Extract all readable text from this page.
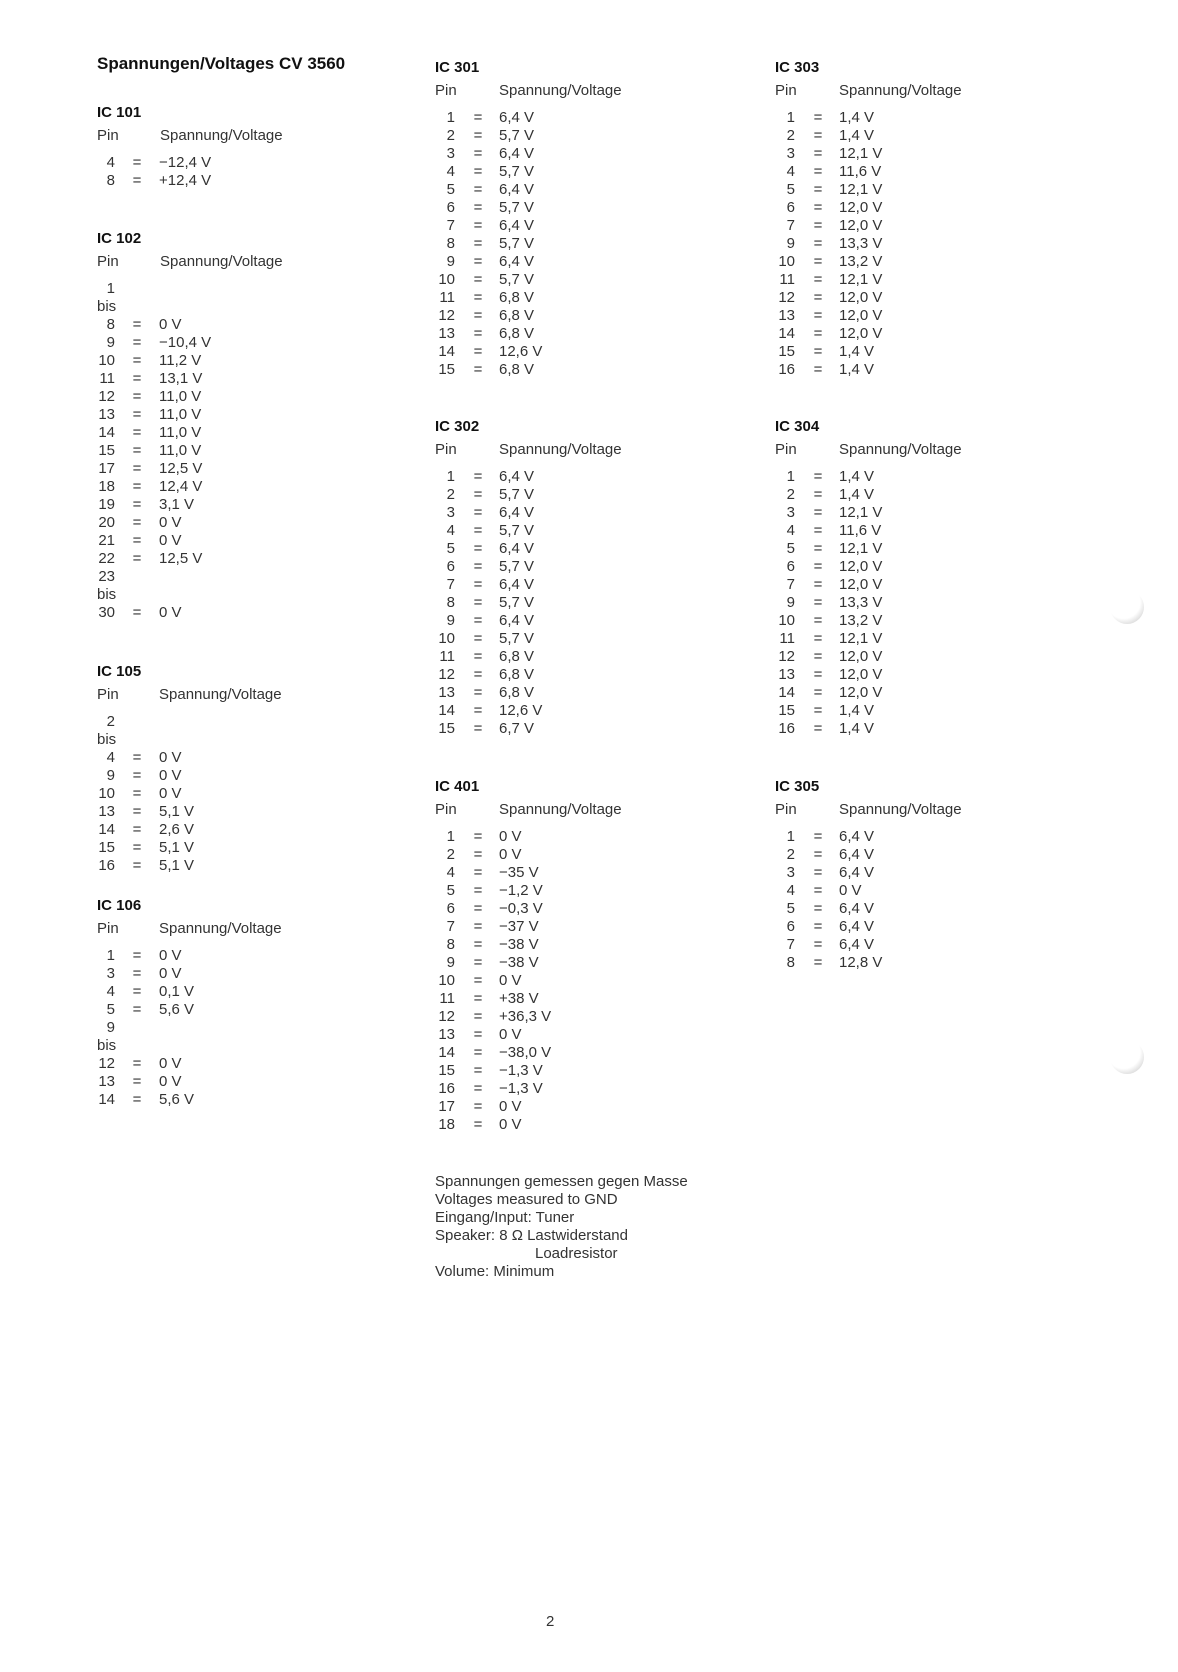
Spannungen/Voltages CV 3560
IC 101
Pin	Spannung/Voltage
4 = −12,4 V
8 = +12,4 V
IC 102
Pin	Spannung/Voltage
1
bis
8 = 0 V
9 = −10,4 V
10 = 11,2 V
11 = 13,1 V
12 = 11,0 V
13 = 11,0 V
14 = 11,0 V
15 = 11,0 V
17 = 12,5 V
18 = 12,4 V
19 = 3,1 V
20 = 0 V
21 = 0 V
22 = 12,5 V
23
bis
30 = 0 V
IC 105
Pin	Spannung/Voltage
2
bis
4 = 0 V
9 = 0 V
10 = 0 V
13 = 5,1 V
14 = 2,6 V
15 = 5,1 V
16 = 5,1 V
IC 106
Pin	Spannung/Voltage
1 = 0 V
3 = 0 V
4 = 0,1 V
5 = 5,6 V
9
bis
12 = 0 V
13 = 0 V
14 = 5,6 V
IC 301
Pin	Spannung/Voltage
1 = 6,4 V
2 = 5,7 V
3 = 6,4 V
4 = 5,7 V
5 = 6,4 V
6 = 5,7 V
7 = 6,4 V
8 = 5,7 V
9 = 6,4 V
10 = 5,7 V
11 = 6,8 V
12 = 6,8 V
13 = 6,8 V
14 = 12,6 V
15 = 6,8 V
IC 302
Pin	Spannung/Voltage
1 = 6,4 V
2 = 5,7 V
3 = 6,4 V
4 = 5,7 V
5 = 6,4 V
6 = 5,7 V
7 = 6,4 V
8 = 5,7 V
9 = 6,4 V
10 = 5,7 V
11 = 6,8 V
12 = 6,8 V
13 = 6,8 V
14 = 12,6 V
15 = 6,7 V
IC 401
Pin	Spannung/Voltage
1 = 0 V
2 = 0 V
4 = −35 V
5 = −1,2 V
6 = −0,3 V
7 = −37 V
8 = −38 V
9 = −38 V
10 = 0 V
11 = +38 V
12 = +36,3 V
13 = 0 V
14 = −38,0 V
15 = −1,3 V
16 = −1,3 V
17 = 0 V
18 = 0 V
IC 303
Pin	Spannung/Voltage
1 = 1,4 V
2 = 1,4 V
3 = 12,1 V
4 = 11,6 V
5 = 12,1 V
6 = 12,0 V
7 = 12,0 V
9 = 13,3 V
10 = 13,2 V
11 = 12,1 V
12 = 12,0 V
13 = 12,0 V
14 = 12,0 V
15 = 1,4 V
16 = 1,4 V
IC 304
Pin	Spannung/Voltage
1 = 1,4 V
2 = 1,4 V
3 = 12,1 V
4 = 11,6 V
5 = 12,1 V
6 = 12,0 V
7 = 12,0 V
9 = 13,3 V
10 = 13,2 V
11 = 12,1 V
12 = 12,0 V
13 = 12,0 V
14 = 12,0 V
15 = 1,4 V
16 = 1,4 V
IC 305
Pin	Spannung/Voltage
1 = 6,4 V
2 = 6,4 V
3 = 6,4 V
4 = 0 V
5 = 6,4 V
6 = 6,4 V
7 = 6,4 V
8 = 12,8 V
Spannungen gemessen gegen Masse
Voltages measured to GND
Eingang/Input: Tuner
Speaker: 8 Ω Lastwiderstand
Loadresistor
Volume: Minimum
2
